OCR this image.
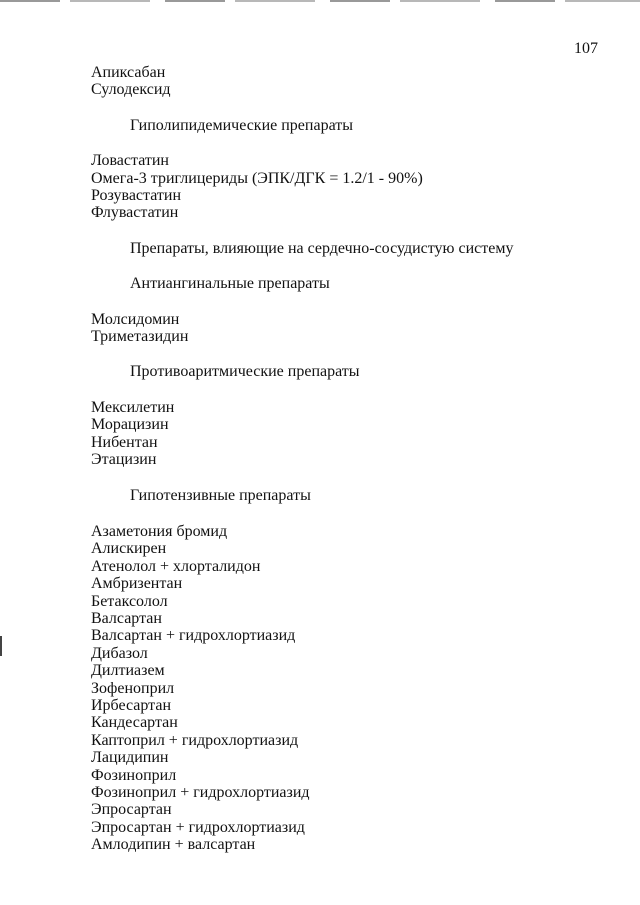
107
Апиксабан
Сулодексид
Гиполипидемические препараты
Ловастатин
Омега-3 триглицериды (ЭПК/ДГК = 1.2/1 - 90%)
Розувастатин
Флувастатин
Препараты, влияющие на сердечно-сосудистую систему
Антиангинальные препараты
Молсидомин
Триметазидин
Противоаритмические препараты
Мексилетин
Морацизин
Нибентан
Этацизин
Гипотензивные препараты
Азаметония бромид
Алискирен
Атенолол + хлорталидон
Амбризентан
Бетаксолол
Валсартан
Валсартан + гидрохлортиазид
Дибазол
Дилтиазем
Зофеноприл
Ирбесартан
Кандесартан
Каптоприл + гидрохлортиазид
Лацидипин
Фозиноприл
Фозиноприл + гидрохлортиазид
Эпросартан
Эпросартан + гидрохлортиазид
Амлодипин + валсартан
